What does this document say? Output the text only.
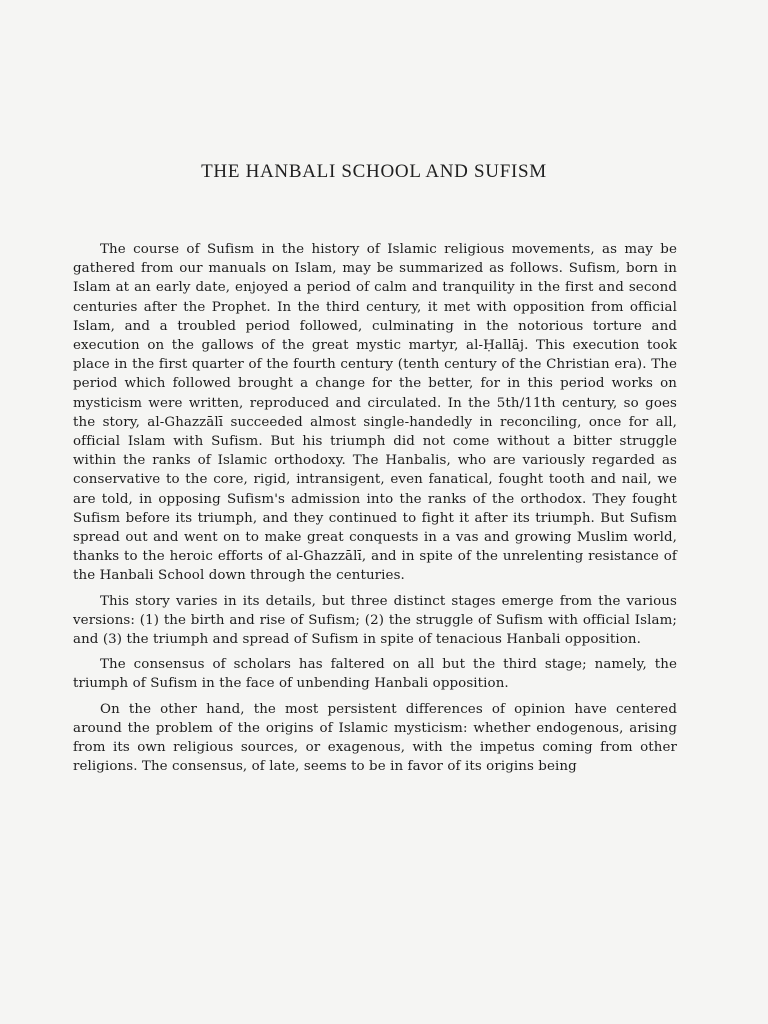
THE HANBALI SCHOOL AND SUFISM

The course of Sufism in the history of Islamic religious movements, as may be gathered from our manuals on Islam, may be summarized as follows. Sufism, born in Islam at an early date, enjoyed a period of calm and tranquility in the first and second centuries after the Prophet. In the third century, it met with opposition from official Islam, and a troubled period followed, culminating in the notorious torture and execution on the gallows of the great mystic martyr, al-Ḥallāj. This execution took place in the first quarter of the fourth century (tenth century of the Christian era). The period which followed brought a change for the better, for in this period works on mysticism were written, reproduced and circulated. In the 5th/11th century, so goes the story, al-Ghazzālī succeeded almost single-handedly in reconciling, once for all, official Islam with Sufism. But his triumph did not come without a bitter struggle within the ranks of Islamic orthodoxy. The Hanbalis, who are variously regarded as conservative to the core, rigid, intransigent, even fanatical, fought tooth and nail, we are told, in opposing Sufism's admission into the ranks of the orthodox. They fought Sufism before its triumph, and they continued to fight it after its triumph. But Sufism spread out and went on to make great conquests in a vas and growing Muslim world, thanks to the heroic efforts of al-Ghazzālī, and in spite of the unrelenting resistance of the Hanbali School down through the centuries.

This story varies in its details, but three distinct stages emerge from the various versions: (1) the birth and rise of Sufism; (2) the struggle of Sufism with official Islam; and (3) the triumph and spread of Sufism in spite of tenacious Hanbali opposition.

The consensus of scholars has faltered on all but the third stage; namely, the triumph of Sufism in the face of unbending Hanbali opposition.

On the other hand, the most persistent differences of opinion have centered around the problem of the origins of Islamic mysticism: whether endogenous, arising from its own religious sources, or exagenous, with the impetus coming from other religions. The consensus, of late, seems to be in favor of its origins being
